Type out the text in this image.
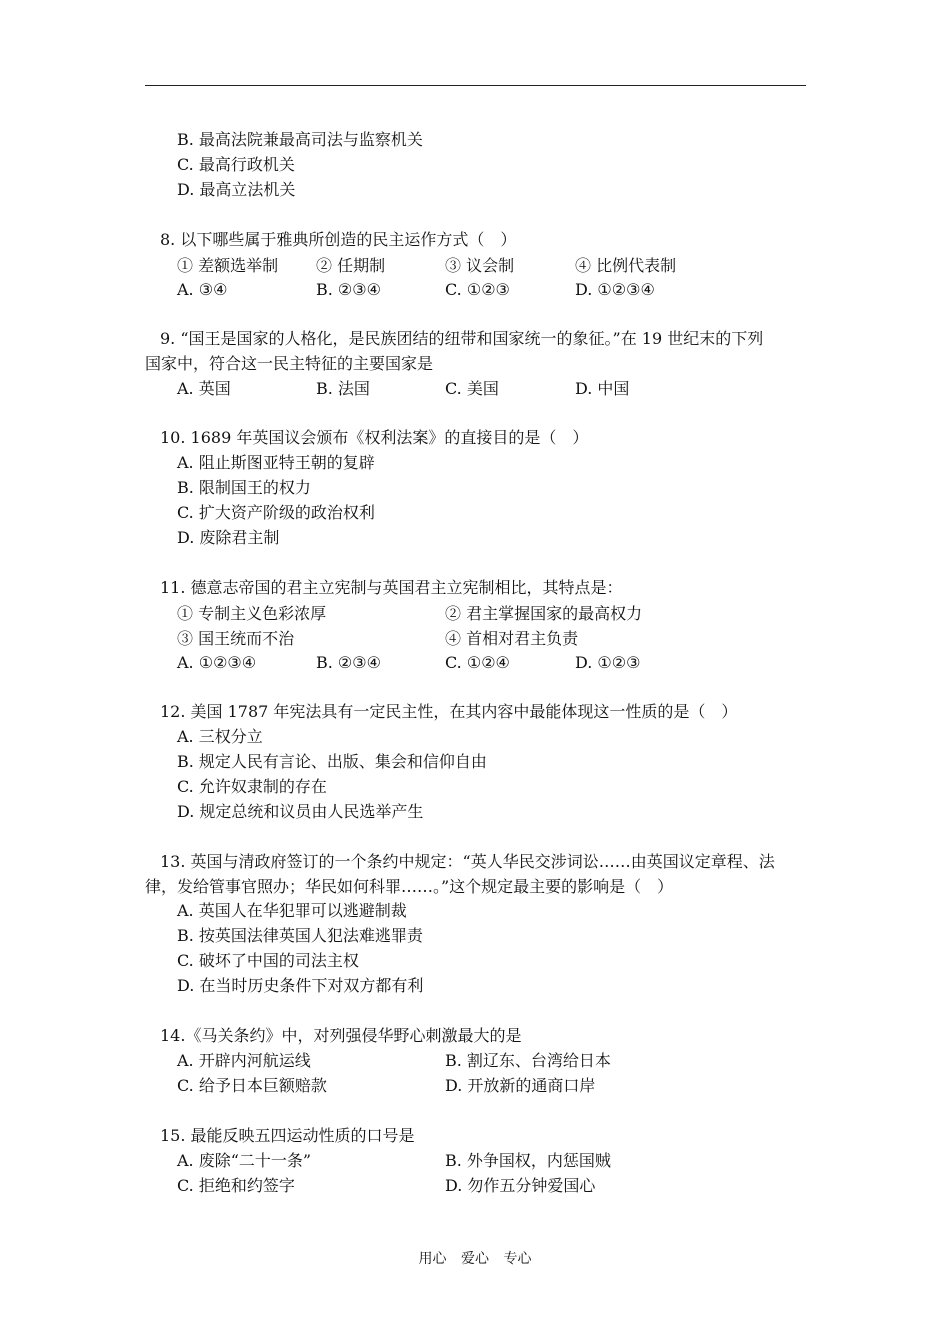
B. 最高法院兼最高司法与监察机关
C. 最高行政机关
D. 最高立法机关
8. 以下哪些属于雅典所创造的民主运作方式（　）
① 差额选举制 ② 任期制	③ 议会制	④ 比例代表制
A. ③④	B. ②③④	C. ①②③	D. ①②③④
9. “国王是国家的人格化，是民族团结的纽带和国家统一的象征。”在 19 世纪末的下列
国家中，符合这一民主特征的主要国家是
A. 英国	B. 法国	C. 美国	D. 中国
10. 1689 年英国议会颁布《权利法案》的直接目的是（　）
A. 阻止斯图亚特王朝的复辟
B. 限制国王的权力
C. 扩大资产阶级的政治权利
D. 废除君主制
11. 德意志帝国的君主立宪制与英国君主立宪制相比，其特点是：
① 专制主义色彩浓厚	② 君主掌握国家的最高权力
③ 国王统而不治	④ 首相对君主负责
A. ①②③④	B. ②③④	C. ①②④	D. ①②③
12. 美国 1787 年宪法具有一定民主性，在其内容中最能体现这一性质的是（　）
A. 三权分立
B. 规定人民有言论、出版、集会和信仰自由
C. 允许奴隶制的存在
D. 规定总统和议员由人民选举产生
13. 英国与清政府签订的一个条约中规定：“英人华民交涉词讼……由英国议定章程、法
律，发给管事官照办；华民如何科罪……。”这个规定最主要的影响是（　）
A. 英国人在华犯罪可以逃避制裁
B. 按英国法律英国人犯法难逃罪责
C. 破坏了中国的司法主权
D. 在当时历史条件下对双方都有利
14.《马关条约》中，对列强侵华野心刺激最大的是
A. 开辟内河航运线	B. 割辽东、台湾给日本
C. 给予日本巨额赔款	D. 开放新的通商口岸
15. 最能反映五四运动性质的口号是
A. 废除“二十一条”	B. 外争国权，内惩国贼
C. 拒绝和约签字	D. 勿作五分钟爱国心
用心 爱心 专心
